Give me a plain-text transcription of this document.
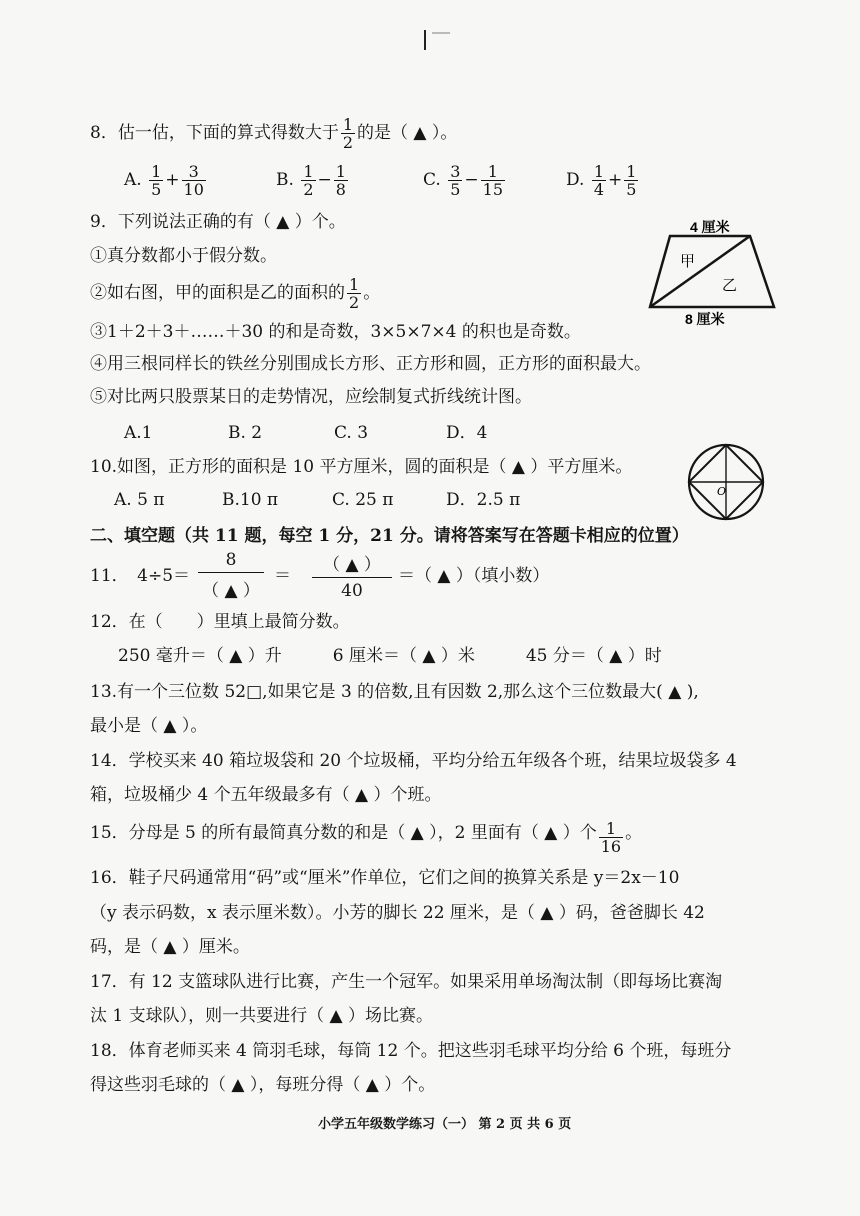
8．估一估，下面的算式得数大于 $\frac{1}{2}$ 的是（ ▲ ）。
A. $\frac{1}{5} + \frac{3}{10}$	B. $\frac{1}{2} - \frac{1}{8}$	C. $\frac{3}{5} - \frac{1}{15}$	D. $\frac{1}{4} + \frac{1}{5}$
9．下列说法正确的有（ ▲ ）个。
①真分数都小于假分数。
②如右图，甲的面积是乙的面积的 $\frac{1}{2}$ 。
③1＋2＋3＋……＋30 的和是奇数，3×5×7×4 的积也是奇数。
④用三根同样长的铁丝分别围成长方形、正方形和圆，正方形的面积最大。
⑤对比两只股票某日的走势情况，应绘制复式折线统计图。
A.1	B. 2	C. 3	D．4
4 厘米
8 厘米
甲
乙
10.如图，正方形的面积是 10 平方厘米，圆的面积是（ ▲ ）平方厘米。
A. 5 π	B.10 π	C. 25 π	D．2.5 π	O
二、填空题（共 11 题，每空 1 分，21 分。请将答案写在答题卡相应的位置）
11．　4÷5＝
8
（ ▲ ）
＝
（ ▲ ）
40
＝（ ▲ ）（填小数）
12．在（　　）里填上最简分数。
250 毫升＝（ ▲ ）升　　　6 厘米＝（ ▲ ）米　　　45 分＝（ ▲ ）时
13.有一个三位数 52□,如果它是 3 的倍数,且有因数 2,那么这个三位数最大( ▲ ),
最小是（ ▲ ）。
14．学校买来 40 箱垃圾袋和 20 个垃圾桶，平均分给五年级各个班，结果垃圾袋多 4
箱，垃圾桶少 4 个五年级最多有（ ▲ ）个班。
15．分母是 5 的所有最简真分数的和是（ ▲ ），2 里面有（ ▲ ）个 $\frac{1}{16}$ 。
16．鞋子尺码通常用“码”或“厘米”作单位，它们之间的换算关系是 y＝2x－10
（y 表示码数，x 表示厘米数）。小芳的脚长 22 厘米，是（ ▲ ）码，爸爸脚长 42
码，是（ ▲ ）厘米。
17．有 12 支篮球队进行比赛，产生一个冠军。如果采用单场淘汰制（即每场比赛淘
汰 1 支球队），则一共要进行（ ▲ ）场比赛。
18．体育老师买来 4 筒羽毛球，每筒 12 个。把这些羽毛球平均分给 6 个班，每班分
得这些羽毛球的（ ▲ ），每班分得（ ▲ ）个。
小学五年级数学练习（一） 第 2 页 共 6 页
